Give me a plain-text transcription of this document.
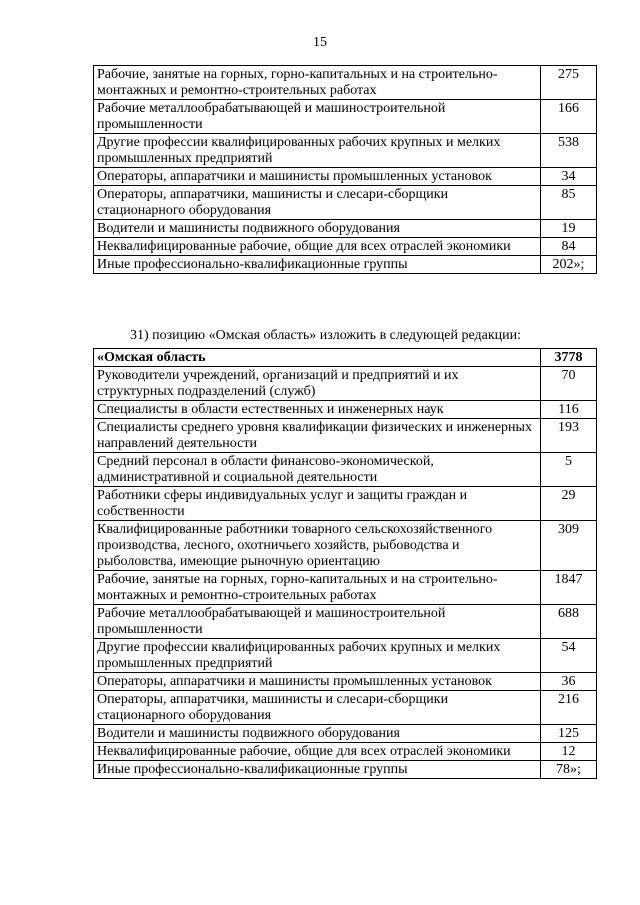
15
Рабочие, занятые на горных, горно-капитальных и на строительно-монтажных и ремонтно-строительных работах	275
Рабочие металлообрабатывающей и машиностроительной промышленности	166
Другие профессии квалифицированных рабочих крупных и мелких промышленных предприятий	538
Операторы, аппаратчики и машинисты промышленных установок	34
Операторы, аппаратчики, машинисты и слесари-сборщики стационарного оборудования	85
Водители и машинисты подвижного оборудования	19
Неквалифицированные рабочие, общие для всех отраслей экономики	84
Иные профессионально-квалификационные группы	202»;
31) позицию «Омская область» изложить в следующей редакции:
«Омская область	3778
Руководители учреждений, организаций и предприятий и их структурных подразделений (служб)	70
Специалисты в области естественных и инженерных наук	116
Специалисты среднего уровня квалификации физических и инженерных направлений деятельности	193
Средний персонал в области финансово-экономической, административной и социальной деятельности	5
Работники сферы индивидуальных услуг и защиты граждан и собственности	29
Квалифицированные работники товарного сельскохозяйственного производства, лесного, охотничьего хозяйств, рыбоводства и рыболовства, имеющие рыночную ориентацию	309
Рабочие, занятые на горных, горно-капитальных и на строительно-монтажных и ремонтно-строительных работах	1847
Рабочие металлообрабатывающей и машиностроительной промышленности	688
Другие профессии квалифицированных рабочих крупных и мелких промышленных предприятий	54
Операторы, аппаратчики и машинисты промышленных установок	36
Операторы, аппаратчики, машинисты и слесари-сборщики стационарного оборудования	216
Водители и машинисты подвижного оборудования	125
Неквалифицированные рабочие, общие для всех отраслей экономики	12
Иные профессионально-квалификационные группы	78»;
